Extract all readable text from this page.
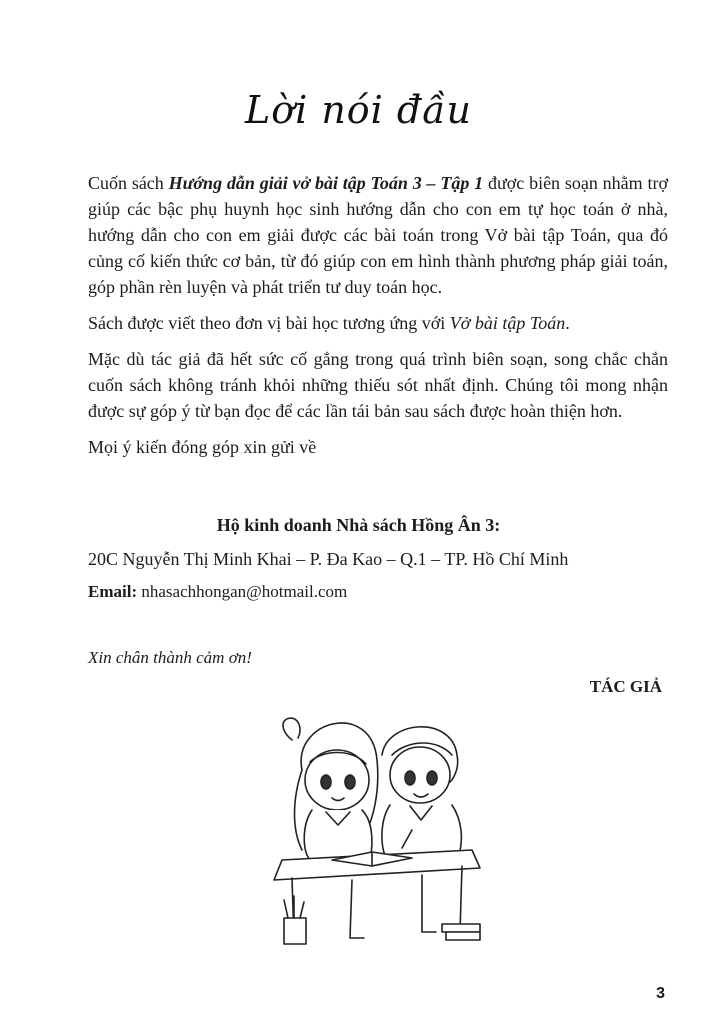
Lời nói đầu

Cuốn sách Hướng dẫn giải vở bài tập Toán 3 – Tập 1 được biên soạn nhằm trợ giúp các bậc phụ huynh học sinh hướng dẫn cho con em tự học toán ở nhà, hướng dẫn cho con em giải được các bài toán trong Vở bài tập Toán, qua đó củng cố kiến thức cơ bản, từ đó giúp con em hình thành phương pháp giải toán, góp phần rèn luyện và phát triển tư duy toán học.

Sách được viết theo đơn vị bài học tương ứng với Vở bài tập Toán.

Mặc dù tác giả đã hết sức cố gắng trong quá trình biên soạn, song chắc chắn cuốn sách không tránh khỏi những thiếu sót nhất định. Chúng tôi mong nhận được sự góp ý từ bạn đọc để các lần tái bản sau sách được hoàn thiện hơn.

Mọi ý kiến đóng góp xin gửi về

Hộ kinh doanh Nhà sách Hồng Ân 3:
20C Nguyễn Thị Minh Khai – P. Đa Kao – Q.1 – TP. Hồ Chí Minh
Email: nhasachhongan@hotmail.com
Xin chân thành cảm ơn!
TÁC GIẢ
3
